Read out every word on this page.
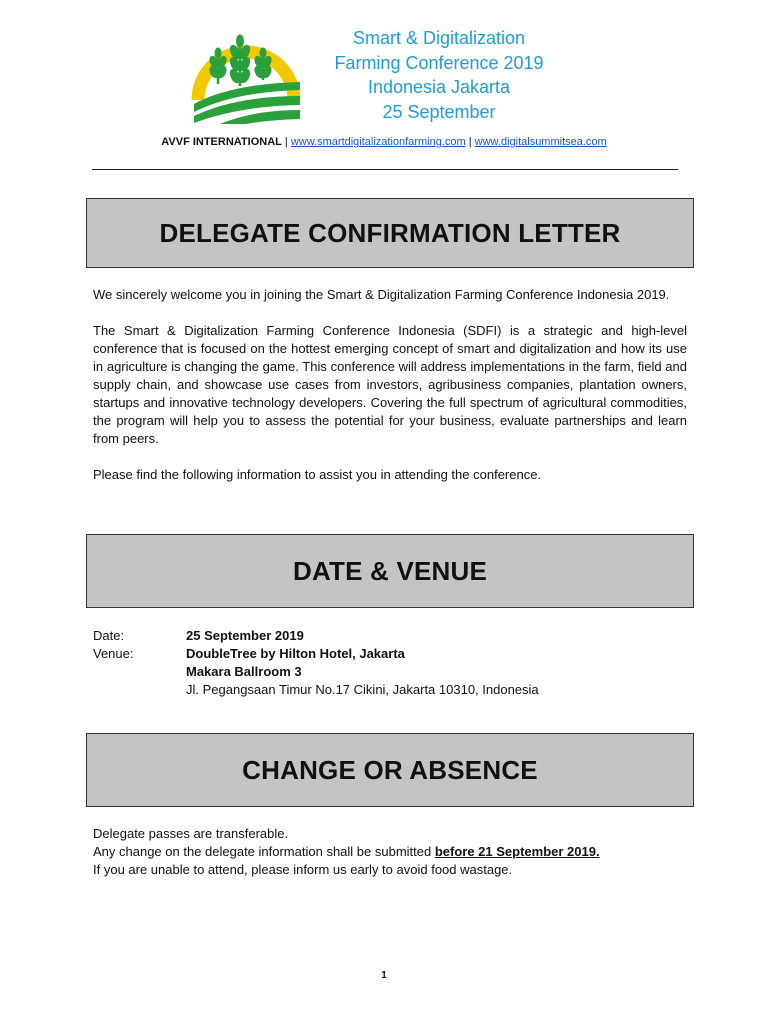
Smart & Digitalization
Farming Conference 2019
Indonesia Jakarta
25 September
AVVF INTERNATIONAL | www.smartdigitalizationfarming.com | www.digitalsummitsea.com
DELEGATE CONFIRMATION LETTER

We sincerely welcome you in joining the Smart & Digitalization Farming Conference Indonesia 2019.

The Smart & Digitalization Farming Conference Indonesia (SDFI) is a strategic and high-level conference that is focused on the hottest emerging concept of smart and digitalization and how its use in agriculture is changing the game. This conference will address implementations in the farm, field and supply chain, and showcase use cases from investors, agribusiness companies, plantation owners, startups and innovative technology developers. Covering the full spectrum of agricultural commodities, the program will help you to assess the potential for your business, evaluate partnerships and learn from peers.

Please find the following information to assist you in attending the conference.

DATE & VENUE
Date:	25 September 2019
Venue:	DoubleTree by Hilton Hotel, Jakarta
Makara Ballroom 3
Jl. Pegangsaan Timur No.17 Cikini, Jakarta 10310, Indonesia
CHANGE OR ABSENCE
Delegate passes are transferable.
Any change on the delegate information shall be submitted before 21 September 2019.
If you are unable to attend, please inform us early to avoid food wastage.
1
